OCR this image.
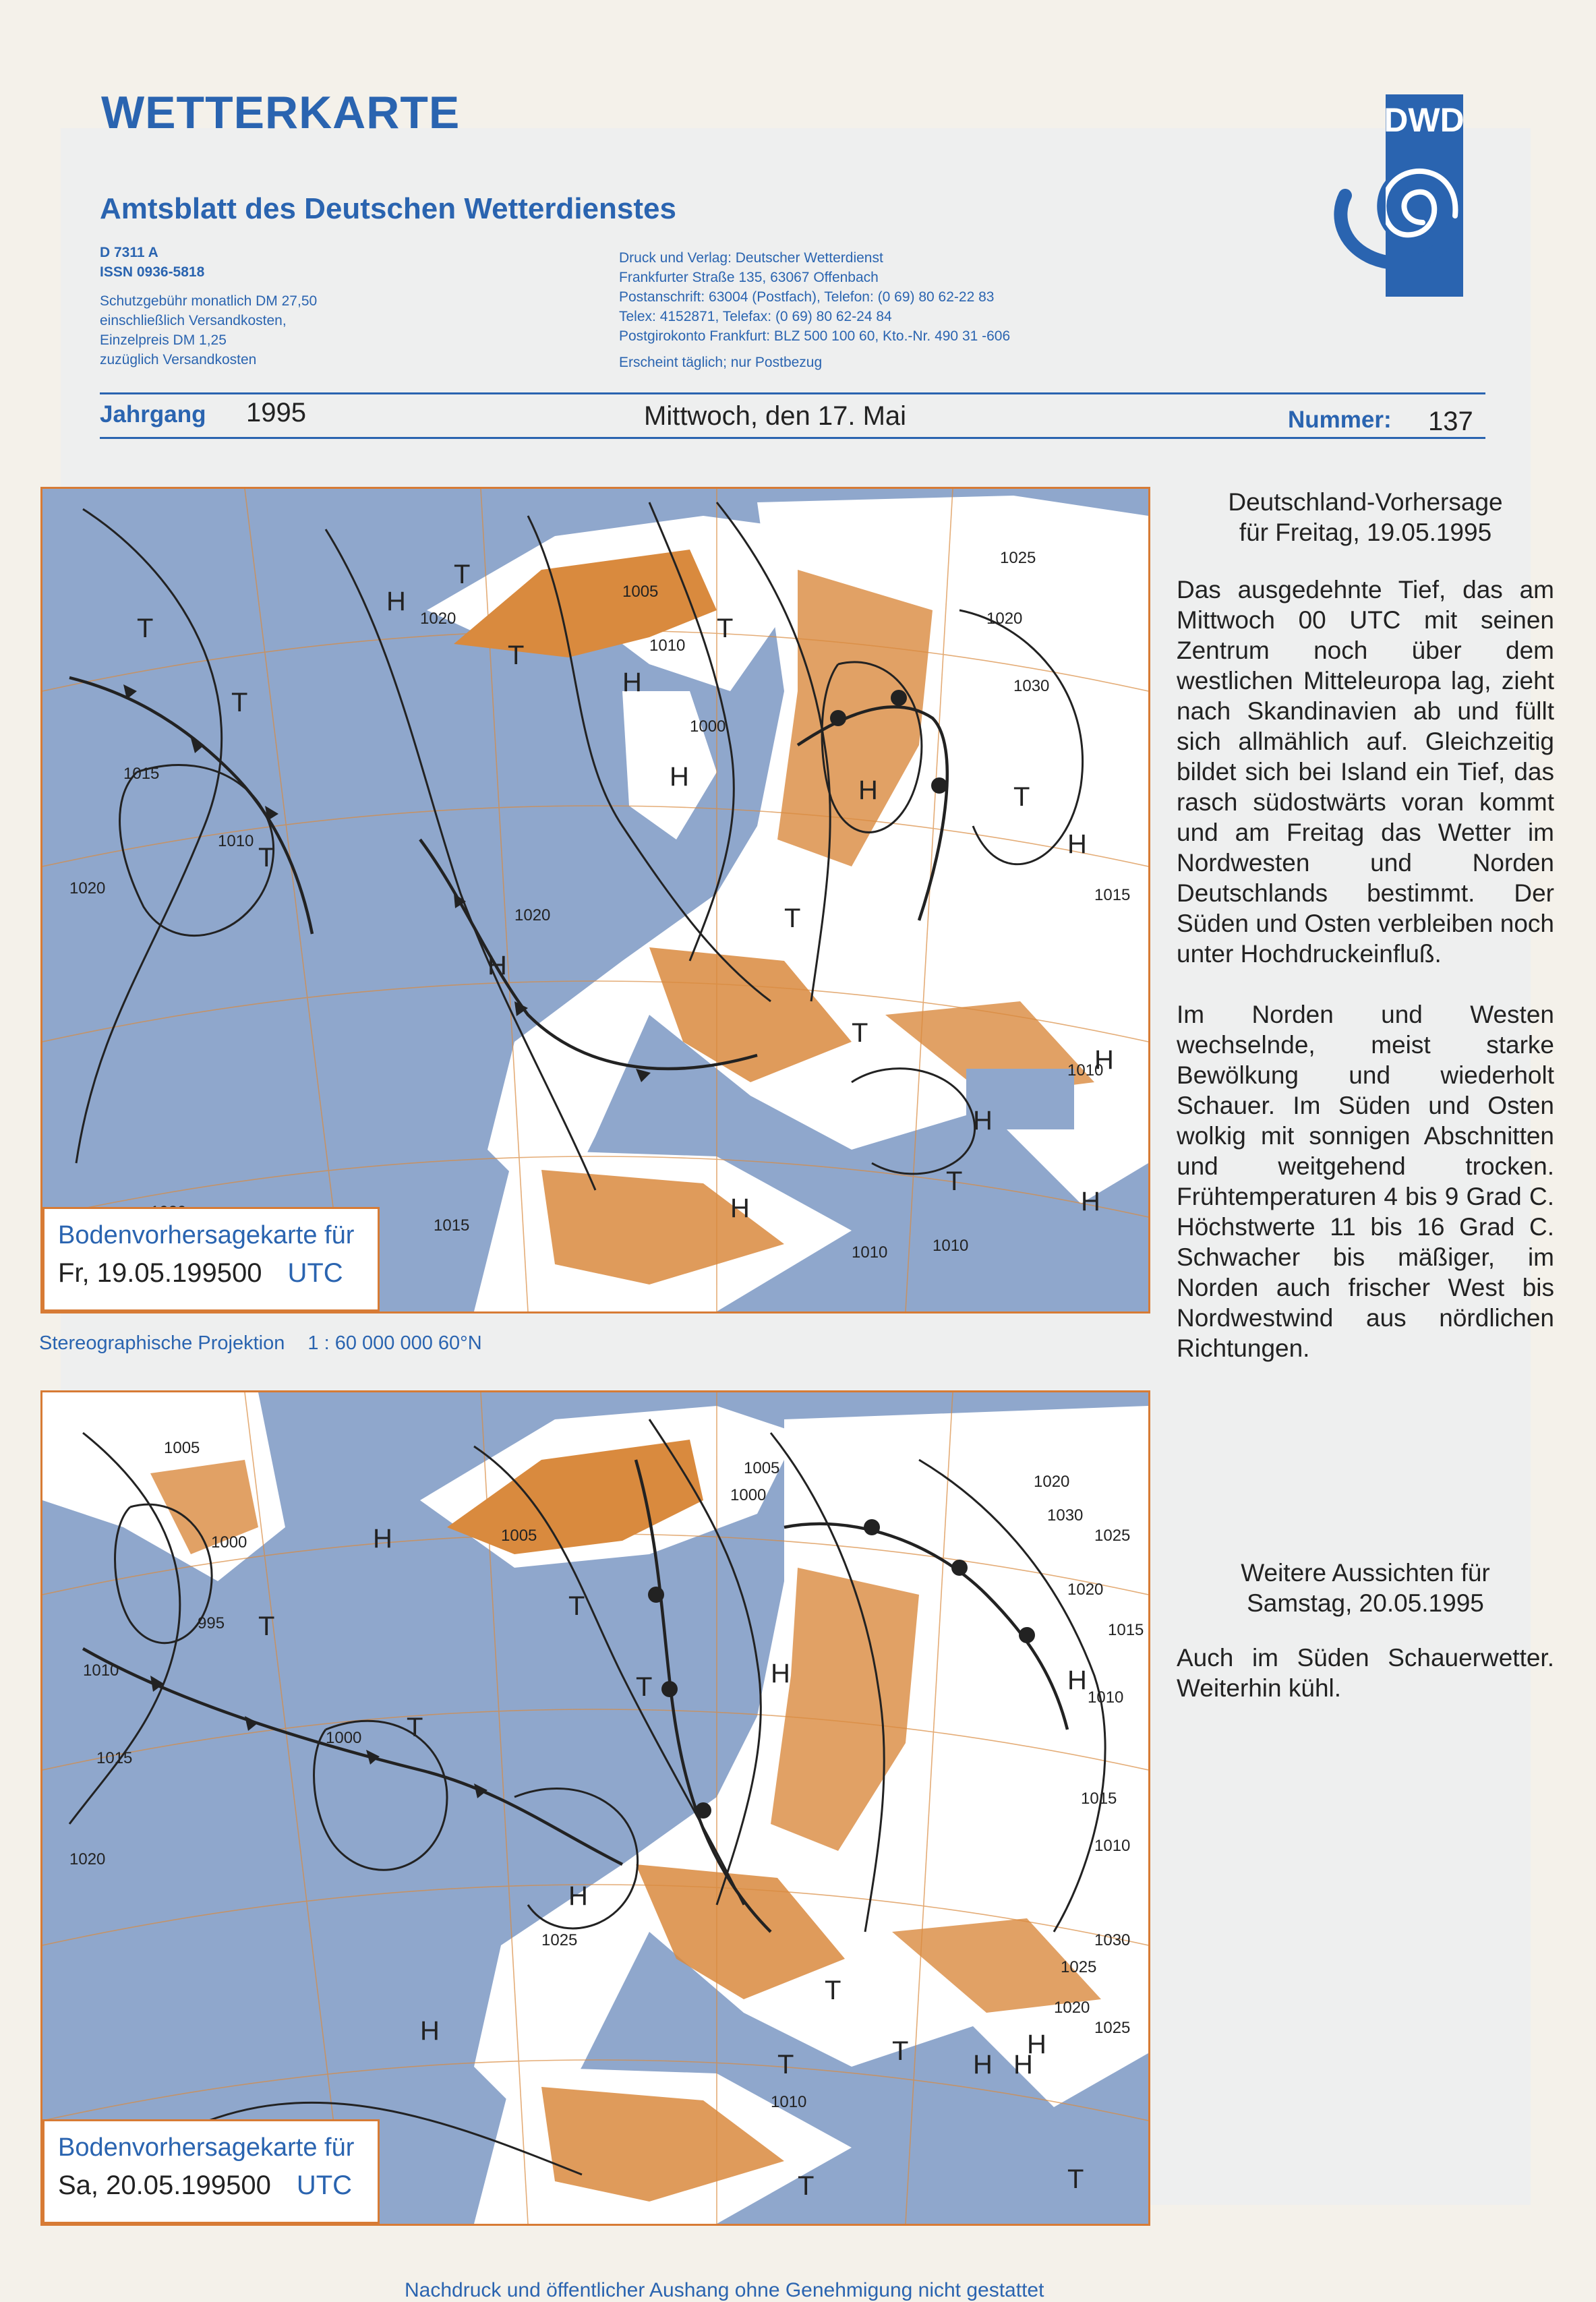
WETTERKARTE
Amtsblatt des Deutschen Wetterdienstes
D 7311 A
ISSN 0936-5818
Schutzgebühr monatlich DM 27,50
einschließlich Versandkosten,
Einzelpreis DM 1,25
zuzüglich Versandkosten
Druck und Verlag: Deutscher Wetterdienst
Frankfurter Straße 135, 63067 Offenbach
Postanschrift: 63004 (Postfach), Telefon: (0 69) 80 62-22 83
Telex: 4152871, Telefax: (0 69) 80 62-24 84
Postgirokonto Frankfurt: BLZ 500 100 60, Kto.-Nr. 490 31 -606
Erscheint täglich; nur Postbezug
DWD
Jahrgang 1995	Mittwoch, den 17. Mai	Nummer: 137
1010
1015
1020
1020
1005
1010
1000
1025
1020
1030
1015
1010
1010
1015
1020
1010
T
H
T
H
T
T
T
H
T
H	H	T
H
T
H
T
H
H
T
H
Bodenvorhersagekarte für
Fr, 19.05.199500 UTC
Stereographische Projektion 1 : 60 000 000 60°N
1005
1000
995
1010
1015
1020
1000
1005
1005
1000
1025
1020
1030
1025
1020
1015
1010
1015
1010
1030
1025
1020
1025
1010
H
T
T
T
T	H
T
H
H
H
T
T H H
H
T
T
Bodenvorhersagekarte für
Sa, 20.05.199500 UTC
Deutschland-Vorhersage
für Freitag, 19.05.1995
Das ausgedehnte Tief, das am Mittwoch 00 UTC mit seinen Zentrum noch über dem westlichen Mitteleuropa lag, zieht nach Skandinavien ab und füllt sich allmählich auf. Gleichzeitig bildet sich bei Island ein Tief, das rasch südostwärts voran kommt und am Freitag das Wetter im Nordwesten und Norden Deutschlands bestimmt. Der Süden und Osten verbleiben noch unter Hochdruckeinfluß.
Im Norden und Westen wechselnde, meist starke Bewölkung und wiederholt Schauer. Im Süden und Osten wolkig mit sonnigen Abschnitten und weitgehend trocken. Frühtemperaturen 4 bis 9 Grad C. Höchstwerte 11 bis 16 Grad C. Schwacher bis mäßiger, im Norden auch frischer West bis Nordwestwind aus nördlichen Richtungen.
Weitere Aussichten für
Samstag, 20.05.1995
Auch im Süden Schauerwetter. Weiterhin kühl.
Nachdruck und öffentlicher Aushang ohne Genehmigung nicht gestattet
